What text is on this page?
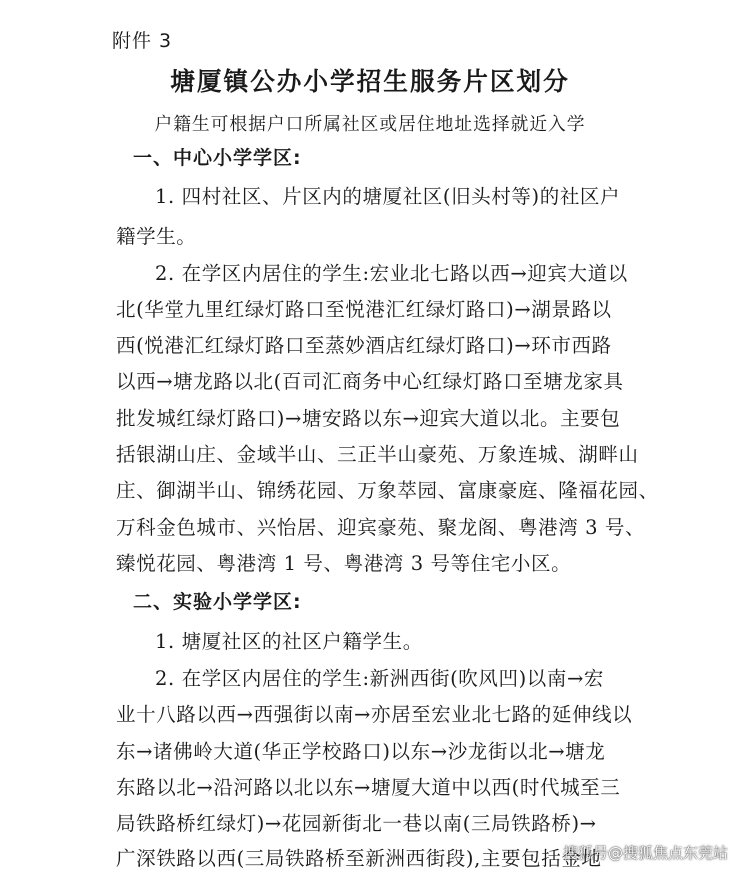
附件 3
塘厦镇公办小学招生服务片区划分
户籍生可根据户口所属社区或居住地址选择就近入学
一、中心小学学区:
1. 四村社区、片区内的塘厦社区(旧头村等)的社区户
籍学生。
2. 在学区内居住的学生:宏业北七路以西→迎宾大道以
北(华堂九里红绿灯路口至悦港汇红绿灯路口)→湖景路以
西(悦港汇红绿灯路口至蒸妙酒店红绿灯路口)→环市西路
以西→塘龙路以北(百司汇商务中心红绿灯路口至塘龙家具
批发城红绿灯路口)→塘安路以东→迎宾大道以北。主要包
括银湖山庄、金域半山、三正半山豪苑、万象连城、湖畔山
庄、御湖半山、锦绣花园、万象萃园、富康豪庭、隆福花园、
万科金色城市、兴怡居、迎宾豪苑、聚龙阁、粤港湾 3 号、
臻悦花园、粤港湾 1 号、粤港湾 3 号等住宅小区。
二、实验小学学区:
1. 塘厦社区的社区户籍学生。
2. 在学区内居住的学生:新洲西街(吹风凹)以南→宏
业十八路以西→西强街以南→亦居至宏业北七路的延伸线以
东→诸佛岭大道(华正学校路口)以东→沙龙街以北→塘龙
东路以北→沿河路以北以东→塘厦大道中以西(时代城至三
局铁路桥红绿灯)→花园新街北一巷以南(三局铁路桥)→
广深铁路以西(三局铁路桥至新洲西街段),主要包括金地
搜狐号@搜狐焦点东莞站
